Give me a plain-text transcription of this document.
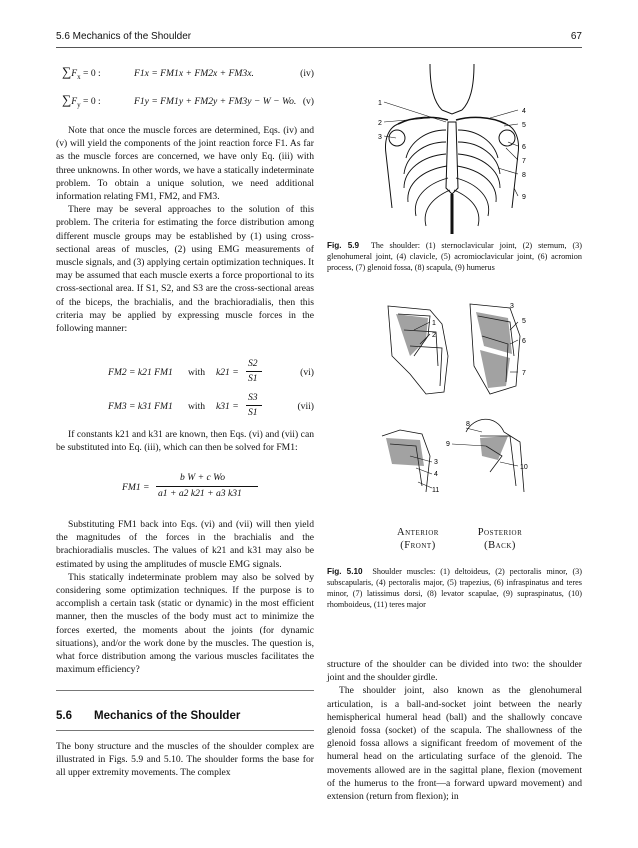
5.6 Mechanics of the Shoulder	67
$\sum F_x = 0$ :	F1x = FM1x + FM2x + FM3x.	(iv)
$\sum F_y = 0$ :	F1y = FM1y + FM2y + FM3y − W − Wo. (v)

Note that once the muscle forces are determined, Eqs. (iv) and (v) will yield the components of the joint reaction force F1. As far as the muscle forces are concerned, we have only Eq. (iii) with three unknowns. In other words, we have a statically indeterminate problem. To obtain a unique solution, we need additional information relating FM1, FM2, and FM3.

There may be several approaches to the solution of this problem. The criteria for estimating the force distribution among different muscle groups may be established by (1) using cross-sectional areas of muscles, (2) using EMG measurements of muscle signals, and (3) applying certain optimization techniques. It may be assumed that each muscle exerts a force proportional to its cross-sectional area. If S1, S2, and S3 are the cross-sectional areas of the biceps, the brachialis, and the brachioradialis, then this criteria may be applied by expressing muscle forces in the following manner:

FM2 = k21 FM1 with k21 =
S2
S1
(vi)
FM3 = k31 FM1 with k31 =
S3
S1
(vii)

If constants k21 and k31 are known, then Eqs. (vi) and (vii) can be substituted into Eq. (iii), which can then be solved for FM1:

FM1 =
b W + c Wo
a1 + a2 k21 + a3 k31

Substituting FM1 back into Eqs. (vi) and (vii) will then yield the magnitudes of the forces in the brachialis and the brachioradialis muscles. The values of k21 and k31 may also be estimated by using the amplitudes of muscle EMG signals.

This statically indeterminate problem may also be solved by considering some optimization techniques. If the purpose is to accomplish a certain task (static or dynamic) in the most efficient manner, then the muscles of the body must act to minimize the forces exerted, the moments about the joints (for dynamic situations), and/or the work done by the muscles. The question is, what force distribution among the various muscles facilitates the maximum efficiency?

5.6 Mechanics of the Shoulder

The bony structure and the muscles of the shoulder complex are illustrated in Figs. 5.9 and 5.10. The shoulder forms the base for all upper extremity movements. The complex

1
2
3
4
5
6
7
8
9
Fig. 5.9 The shoulder: (1) sternoclavicular joint, (2) sternum, (3) glenohumeral joint, (4) clavicle, (5) acromioclavicular joint, (6) acromion process, (7) glenoid fossa, (8) scapula, (9) humerus
1
2
3
5
6
7
8
9
3
4
10
11
Anterior
(Front)
Posterior
(Back)
Fig. 5.10 Shoulder muscles: (1) deltoideus, (2) pectoralis minor, (3) subscapularis, (4) pectoralis major, (5) trapezius, (6) infraspinatus and teres minor, (7) latissimus dorsi, (8) levator scapulae, (9) supraspinatus, (10) rhomboideus, (11) teres major

structure of the shoulder can be divided into two: the shoulder joint and the shoulder girdle.

The shoulder joint, also known as the glenohumeral articulation, is a ball-and-socket joint between the nearly hemispherical humeral head (ball) and the shallowly concave glenoid fossa (socket) of the scapula. The shallowness of the glenoid fossa allows a significant freedom of movement of the humeral head on the articulating surface of the glenoid. The movements allowed are in the sagittal plane, flexion (movement of the humerus to the front—a forward upward movement) and extension (return from flexion); in
